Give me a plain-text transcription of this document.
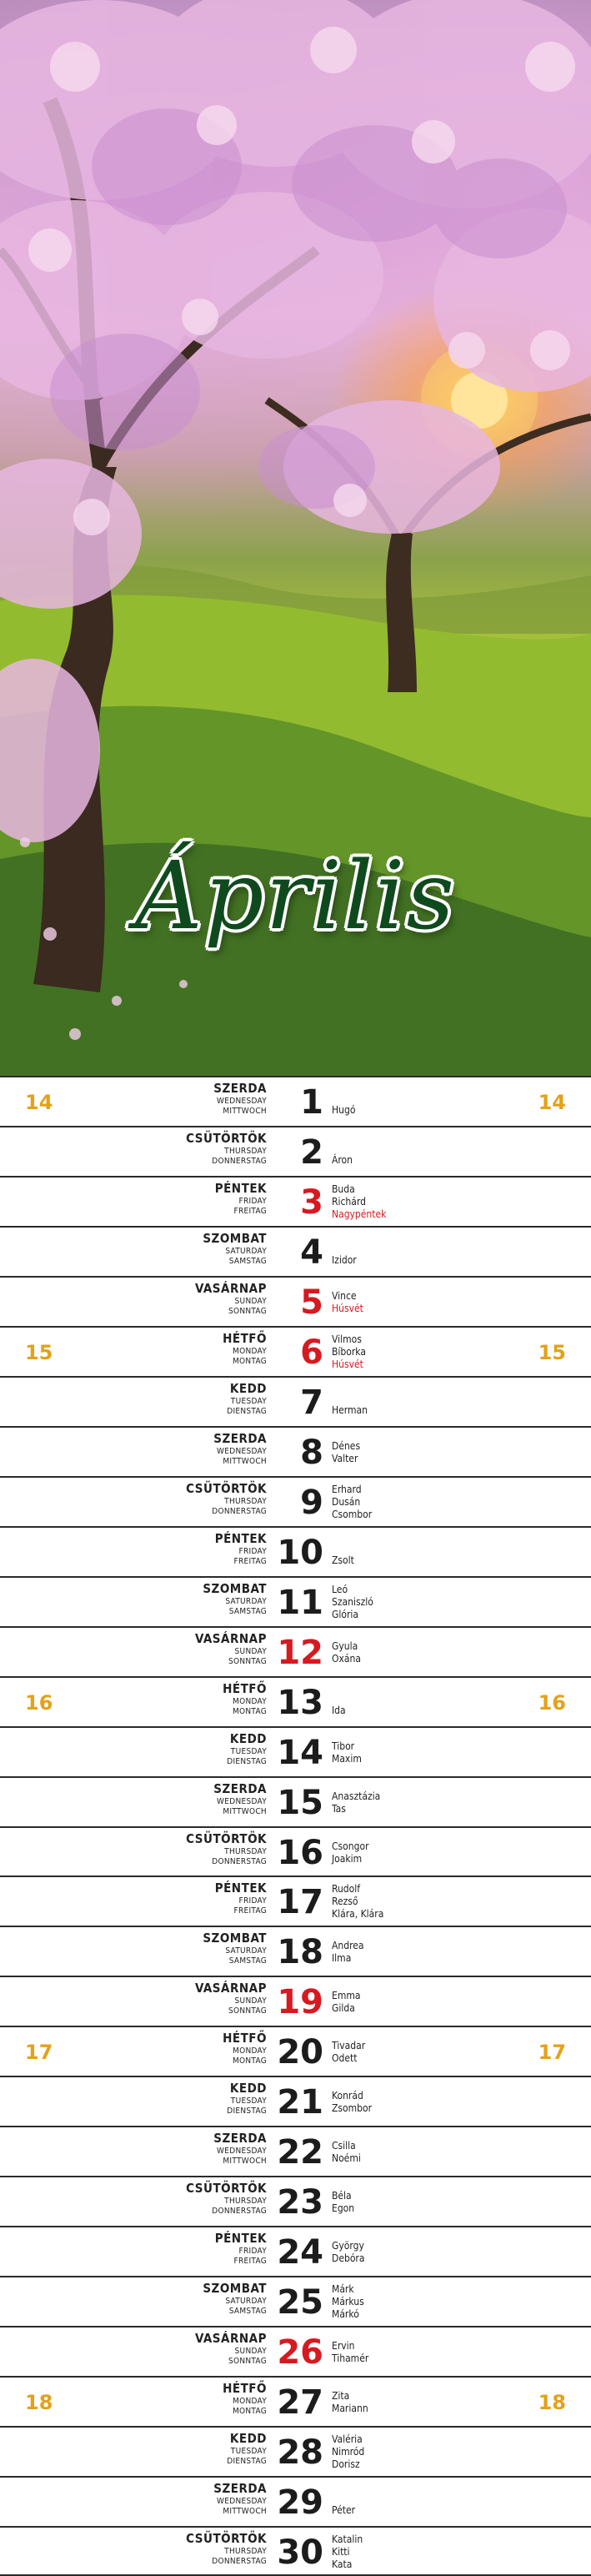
Április
14	14
SZERDA
WEDNESDAY
MITTWOCH	1 Hugó
CSÜTÖRTÖK
THURSDAY
DONNERSTAG	2 Áron
PÉNTEK
FRIDAY
FREITAG	3 Buda
Richárd
Nagypéntek
SZOMBAT
SATURDAY
SAMSTAG	4 Izidor
VASÁRNAP
SUNDAY
SONNTAG	5 Vince
Húsvét
15	15
HÉTFŐ
MONDAY
MONTAG	6 Vilmos
Bíborka
Húsvét
KEDD
TUESDAY
DIENSTAG	7 Herman
SZERDA
WEDNESDAY
MITTWOCH	8 Dénes
Valter
CSÜTÖRTÖK
THURSDAY
DONNERSTAG	9 Erhard
Dusán
Csombor
PÉNTEK
FRIDAY
FREITAG 10 Zsolt
SZOMBAT
SATURDAY
SAMSTAG 11 Leó
Szaniszló
Glória
VASÁRNAP
SUNDAY
SONNTAG 12 Gyula
Oxána
16	16
HÉTFŐ
MONDAY
MONTAG 13 Ida
KEDD
TUESDAY
DIENSTAG 14 Tibor
Maxim
SZERDA
WEDNESDAY
MITTWOCH 15 Anasztázia
Tas
CSÜTÖRTÖK
THURSDAY
DONNERSTAG 16 Csongor
Joakim
PÉNTEK
FRIDAY
FREITAG 17 Rudolf
Rezső
Klára, Klára
SZOMBAT
SATURDAY
SAMSTAG 18 Andrea
Ilma
VASÁRNAP
SUNDAY
SONNTAG 19 Emma
Gilda
17	17
HÉTFŐ
MONDAY
MONTAG 20 Tivadar
Odett
KEDD
TUESDAY
DIENSTAG 21 Konrád
Zsombor
SZERDA
WEDNESDAY
MITTWOCH 22 Csilla
Noémi
CSÜTÖRTÖK
THURSDAY
DONNERSTAG 23 Béla
Egon
PÉNTEK
FRIDAY
FREITAG 24 György
Debóra
SZOMBAT
SATURDAY
SAMSTAG 25 Márk
Márkus
Márkó
VASÁRNAP
SUNDAY
SONNTAG 26 Ervin
Tihamér
18	18
HÉTFŐ
MONDAY
MONTAG 27 Zita
Mariann
KEDD
TUESDAY
DIENSTAG 28 Valéria
Nimród
Dorisz
SZERDA
WEDNESDAY
MITTWOCH 29 Péter
CSÜTÖRTÖK
THURSDAY
DONNERSTAG 30 Katalin
Kitti
Kata
